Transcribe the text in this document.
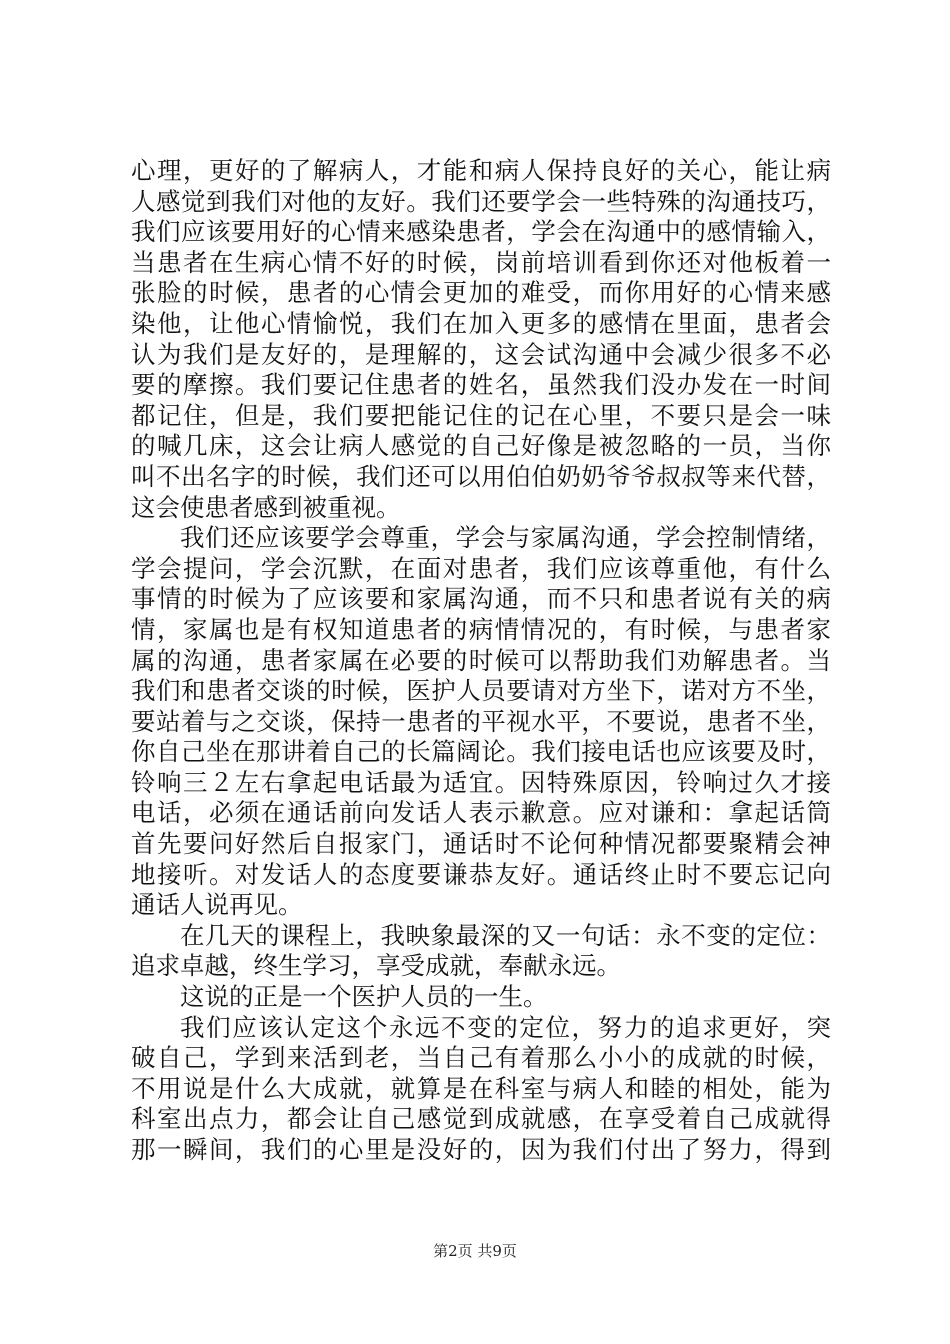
心理，更好的了解病人，才能和病人保持良好的关心，能让病
人感觉到我们对他的友好。我们还要学会一些特殊的沟通技巧，
我们应该要用好的心情来感染患者，学会在沟通中的感情输入，
当患者在生病心情不好的时候，岗前培训看到你还对他板着一
张脸的时候，患者的心情会更加的难受，而你用好的心情来感
染他，让他心情愉悦，我们在加入更多的感情在里面，患者会
认为我们是友好的，是理解的，这会试沟通中会减少很多不必
要的摩擦。我们要记住患者的姓名，虽然我们没办发在一时间
都记住，但是，我们要把能记住的记在心里，不要只是会一味
的喊几床，这会让病人感觉的自己好像是被忽略的一员，当你
叫不出名字的时候，我们还可以用伯伯奶奶爷爷叔叔等来代替，
这会使患者感到被重视。
我们还应该要学会尊重，学会与家属沟通，学会控制情绪，
学会提问，学会沉默，在面对患者，我们应该尊重他，有什么
事情的时候为了应该要和家属沟通，而不只和患者说有关的病
情，家属也是有权知道患者的病情情况的，有时候，与患者家
属的沟通，患者家属在必要的时候可以帮助我们劝解患者。当
我们和患者交谈的时候，医护人员要请对方坐下，诺对方不坐，
要站着与之交谈，保持一患者的平视水平，不要说，患者不坐，
你自己坐在那讲着自己的长篇阔论。我们接电话也应该要及时，
铃响三２左右拿起电话最为适宜。因特殊原因，铃响过久才接
电话，必须在通话前向发话人表示歉意。应对谦和：拿起话筒
首先要问好然后自报家门，通话时不论何种情况都要聚精会神
地接听。对发话人的态度要谦恭友好。通话终止时不要忘记向
通话人说再见。
在几天的课程上，我映象最深的又一句话：永不变的定位：
追求卓越，终生学习，享受成就，奉献永远。
这说的正是一个医护人员的一生。
我们应该认定这个永远不变的定位，努力的追求更好，突
破自己，学到来活到老，当自己有着那么小小的成就的时候，
不用说是什么大成就，就算是在科室与病人和睦的相处，能为
科室出点力，都会让自己感觉到成就感，在享受着自己成就得
那一瞬间，我们的心里是没好的，因为我们付出了努力，得到
第2页 共9页
